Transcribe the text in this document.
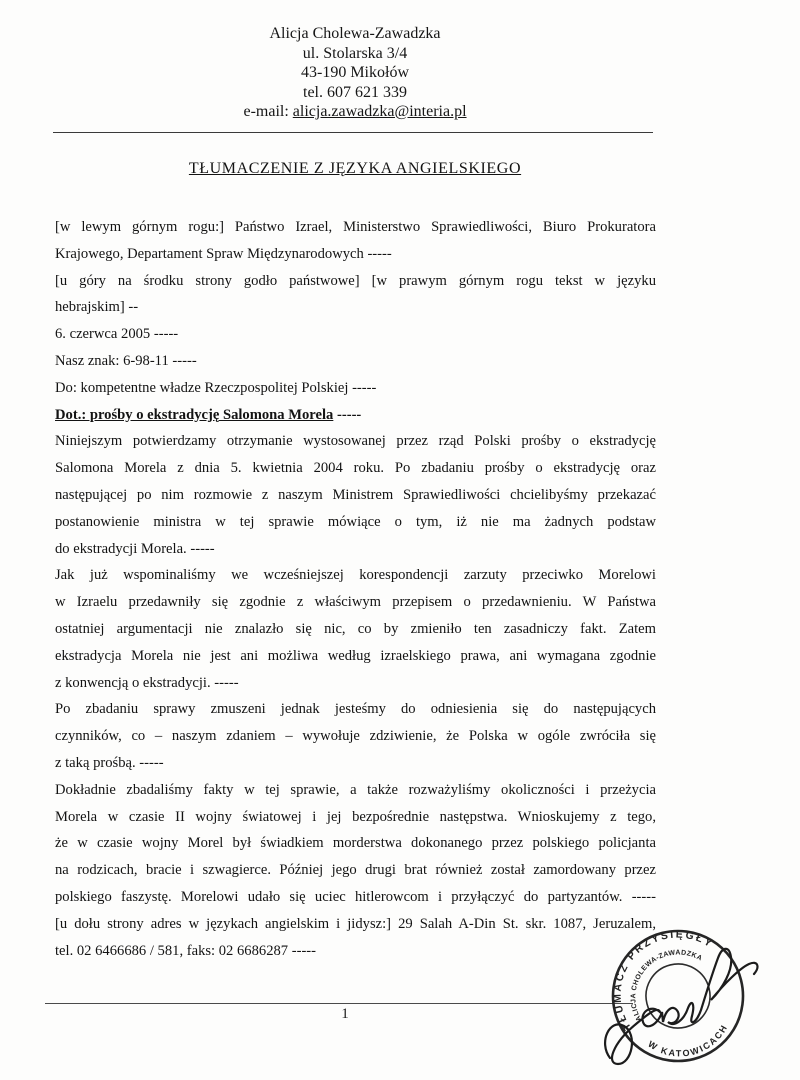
Alicja Cholewa-Zawadzka
ul. Stolarska 3/4
43-190 Mikołów
tel. 607 621 339
e-mail: alicja.zawadzka@interia.pl
TŁUMACZENIE Z JĘZYKA ANGIELSKIEGO
[w lewym górnym rogu:] Państwo Izrael, Ministerstwo Sprawiedliwości, Biuro Prokuratora
Krajowego, Departament Spraw Międzynarodowych -----
[u góry na środku strony godło państwowe] [w prawym górnym rogu tekst w języku
hebrajskim] --
6. czerwca 2005 -----
Nasz znak: 6-98-11 -----
Do: kompetentne władze Rzeczpospolitej Polskiej -----
Dot.: prośby o ekstradycję Salomona Morela -----
Niniejszym potwierdzamy otrzymanie wystosowanej przez rząd Polski prośby o ekstradycję
Salomona Morela z dnia 5. kwietnia 2004 roku. Po zbadaniu prośby o ekstradycję oraz
następującej po nim rozmowie z naszym Ministrem Sprawiedliwości chcielibyśmy przekazać
postanowienie ministra w tej sprawie mówiące o tym, iż nie ma żadnych podstaw
do ekstradycji Morela. -----
Jak już wspominaliśmy we wcześniejszej korespondencji zarzuty przeciwko Morelowi
w Izraelu przedawniły się zgodnie z właściwym przepisem o przedawnieniu. W Państwa
ostatniej argumentacji nie znalazło się nic, co by zmieniło ten zasadniczy fakt. Zatem
ekstradycja Morela nie jest ani możliwa według izraelskiego prawa, ani wymagana zgodnie
z konwencją o ekstradycji. -----
Po zbadaniu sprawy zmuszeni jednak jesteśmy do odniesienia się do następujących
czynników, co – naszym zdaniem – wywołuje zdziwienie, że Polska w ogóle zwróciła się
z taką prośbą. -----
Dokładnie zbadaliśmy fakty w tej sprawie, a także rozważyliśmy okoliczności i przeżycia
Morela w czasie II wojny światowej i jej bezpośrednie następstwa. Wnioskujemy z tego,
że w czasie wojny Morel był świadkiem morderstwa dokonanego przez polskiego policjanta
na rodzicach, bracie i szwagierce. Później jego drugi brat również został zamordowany przez
polskiego faszystę. Morelowi udało się uciec hitlerowcom i przyłączyć do partyzantów. -----
[u dołu strony adres w językach angielskim i jidysz:] 29 Salah A-Din St. skr. 1087, Jeruzalem,
tel. 02 6466686 / 581, faks: 02 6686287 -----
1
TŁUMACZ PRZYSIĘGŁY
W KATOWICACH
ALICJA CHOLEWA-ZAWADZKA
